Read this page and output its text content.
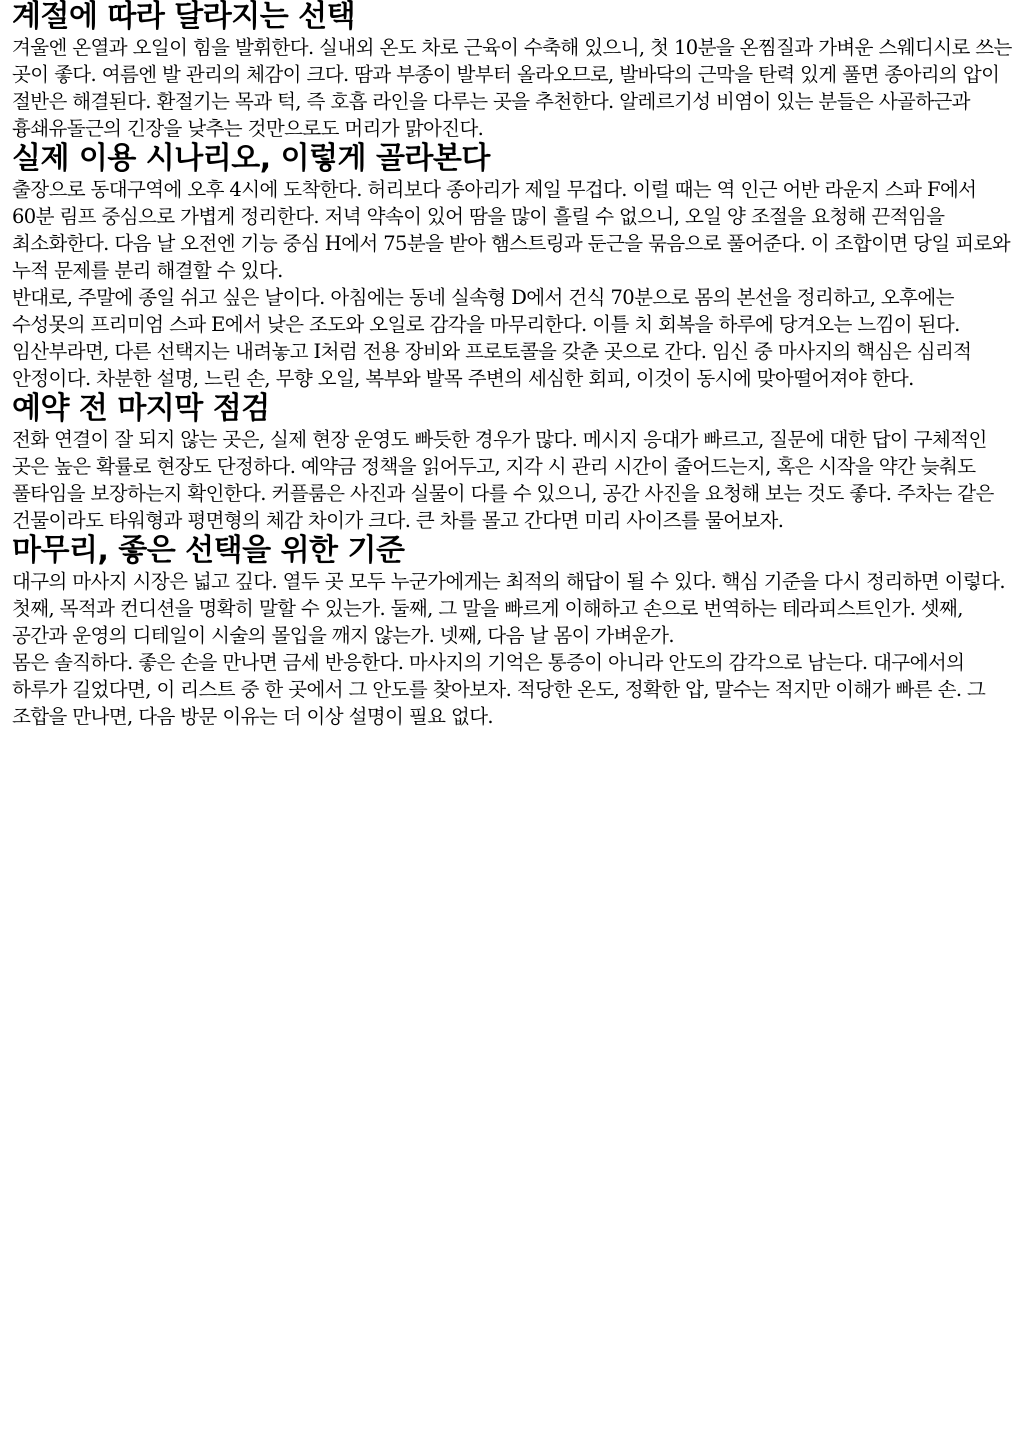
계절에 따라 달라지는 선택

겨울엔 온열과 오일이 힘을 발휘한다. 실내외 온도 차로 근육이 수축해 있으니, 첫 10분을 온찜질과 가벼운 스웨디시로 쓰는 곳이 좋다. 여름엔 발 관리의 체감이 크다. 땀과 부종이 발부터 올라오므로, 발바닥의 근막을 탄력 있게 풀면 종아리의 압이 절반은 해결된다. 환절기는 목과 턱, 즉 호흡 라인을 다루는 곳을 추천한다. 알레르기성 비염이 있는 분들은 사골하근과 흉쇄유돌근의 긴장을 낮추는 것만으로도 머리가 맑아진다.

실제 이용 시나리오, 이렇게 골라본다

출장으로 동대구역에 오후 4시에 도착한다. 허리보다 종아리가 제일 무겁다. 이럴 때는 역 인근 어반 라운지 스파 F에서 60분 림프 중심으로 가볍게 정리한다. 저녁 약속이 있어 땀을 많이 흘릴 수 없으니, 오일 양 조절을 요청해 끈적임을 최소화한다. 다음 날 오전엔 기능 중심 H에서 75분을 받아 햄스트링과 둔근을 묶음으로 풀어준다. 이 조합이면 당일 피로와 누적 문제를 분리 해결할 수 있다.

반대로, 주말에 종일 쉬고 싶은 날이다. 아침에는 동네 실속형 D에서 건식 70분으로 몸의 본선을 정리하고, 오후에는 수성못의 프리미엄 스파 E에서 낮은 조도와 오일로 감각을 마무리한다. 이틀 치 회복을 하루에 당겨오는 느낌이 된다.

임산부라면, 다른 선택지는 내려놓고 I처럼 전용 장비와 프로토콜을 갖춘 곳으로 간다. 임신 중 마사지의 핵심은 심리적 안정이다. 차분한 설명, 느린 손, 무향 오일, 복부와 발목 주변의 세심한 회피, 이것이 동시에 맞아떨어져야 한다.

예약 전 마지막 점검

전화 연결이 잘 되지 않는 곳은, 실제 현장 운영도 빠듯한 경우가 많다. 메시지 응대가 빠르고, 질문에 대한 답이 구체적인 곳은 높은 확률로 현장도 단정하다. 예약금 정책을 읽어두고, 지각 시 관리 시간이 줄어드는지, 혹은 시작을 약간 늦춰도 풀타임을 보장하는지 확인한다. 커플룸은 사진과 실물이 다를 수 있으니, 공간 사진을 요청해 보는 것도 좋다. 주차는 같은 건물이라도 타워형과 평면형의 체감 차이가 크다. 큰 차를 몰고 간다면 미리 사이즈를 물어보자.

마무리, 좋은 선택을 위한 기준

대구의 마사지 시장은 넓고 깊다. 열두 곳 모두 누군가에게는 최적의 해답이 될 수 있다. 핵심 기준을 다시 정리하면 이렇다. 첫째, 목적과 컨디션을 명확히 말할 수 있는가. 둘째, 그 말을 빠르게 이해하고 손으로 번역하는 테라피스트인가. 셋째, 공간과 운영의 디테일이 시술의 몰입을 깨지 않는가. 넷째, 다음 날 몸이 가벼운가.

몸은 솔직하다. 좋은 손을 만나면 금세 반응한다. 마사지의 기억은 통증이 아니라 안도의 감각으로 남는다. 대구에서의 하루가 길었다면, 이 리스트 중 한 곳에서 그 안도를 찾아보자. 적당한 온도, 정확한 압, 말수는 적지만 이해가 빠른 손. 그 조합을 만나면, 다음 방문 이유는 더 이상 설명이 필요 없다.
